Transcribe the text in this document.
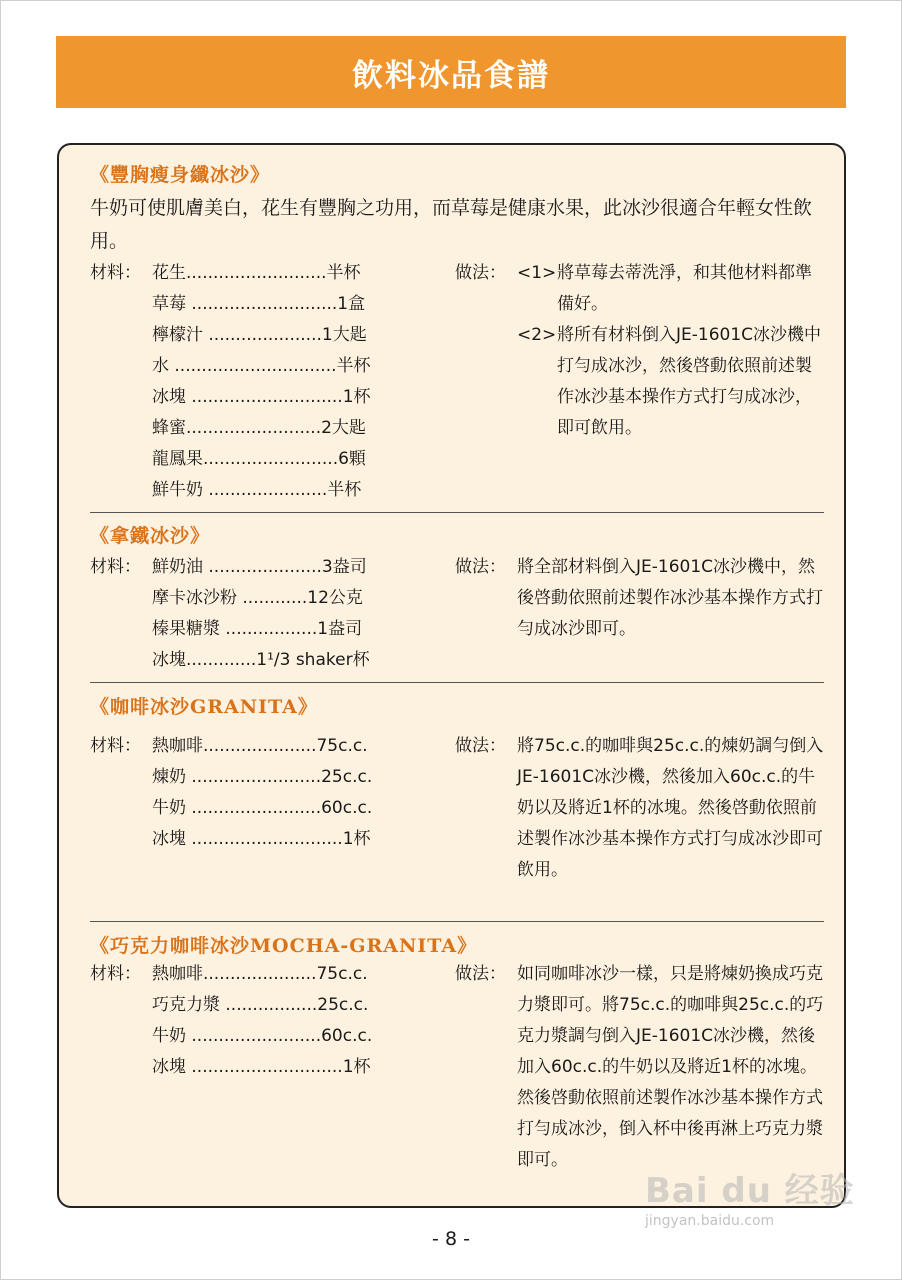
飲料冰品食譜
《豐胸瘦身纖冰沙》
牛奶可使肌膚美白，花生有豐胸之功用，而草莓是健康水果，此冰沙很適合年輕女性飲用。
材料： 花生..........................半杯
草莓 ...........................1盒
檸檬汁 .....................1大匙
水 ..............................半杯
冰塊 ............................1杯
蜂蜜.........................2大匙
龍鳳果.........................6顆
鮮牛奶 ......................半杯
做法： <1> 將草莓去蒂洗淨，和其他材料都準備好。
<2> 將所有材料倒入JE-1601C冰沙機中打勻成冰沙，然後啓動依照前述製作冰沙基本操作方式打勻成冰沙，即可飲用。
《拿鐵冰沙》
材料： 鮮奶油 .....................3盎司
摩卡冰沙粉 ............12公克
榛果糖漿 .................1盎司
冰塊.............1¹/3 shaker杯
做法： 將全部材料倒入JE-1601C冰沙機中，然後啓動依照前述製作冰沙基本操作方式打勻成冰沙即可。
《咖啡冰沙GRANITA》
材料： 熱咖啡.....................75c.c.
煉奶 ........................25c.c.
牛奶 ........................60c.c.
冰塊 ............................1杯
做法： 將75c.c.的咖啡與25c.c.的煉奶調勻倒入JE-1601C冰沙機，然後加入60c.c.的牛奶以及將近1杯的冰塊。然後啓動依照前述製作冰沙基本操作方式打勻成冰沙即可飲用。
《巧克力咖啡冰沙MOCHA-GRANITA》
材料： 熱咖啡.....................75c.c.
巧克力漿 .................25c.c.
牛奶 ........................60c.c.
冰塊 ............................1杯
做法： 如同咖啡冰沙一樣，只是將煉奶換成巧克力漿即可。將75c.c.的咖啡與25c.c.的巧克力漿調勻倒入JE-1601C冰沙機，然後加入60c.c.的牛奶以及將近1杯的冰塊。然後啓動依照前述製作冰沙基本操作方式打勻成冰沙，倒入杯中後再淋上巧克力漿即可。
- 8 -
Bai du 经验
jingyan.baidu.com
